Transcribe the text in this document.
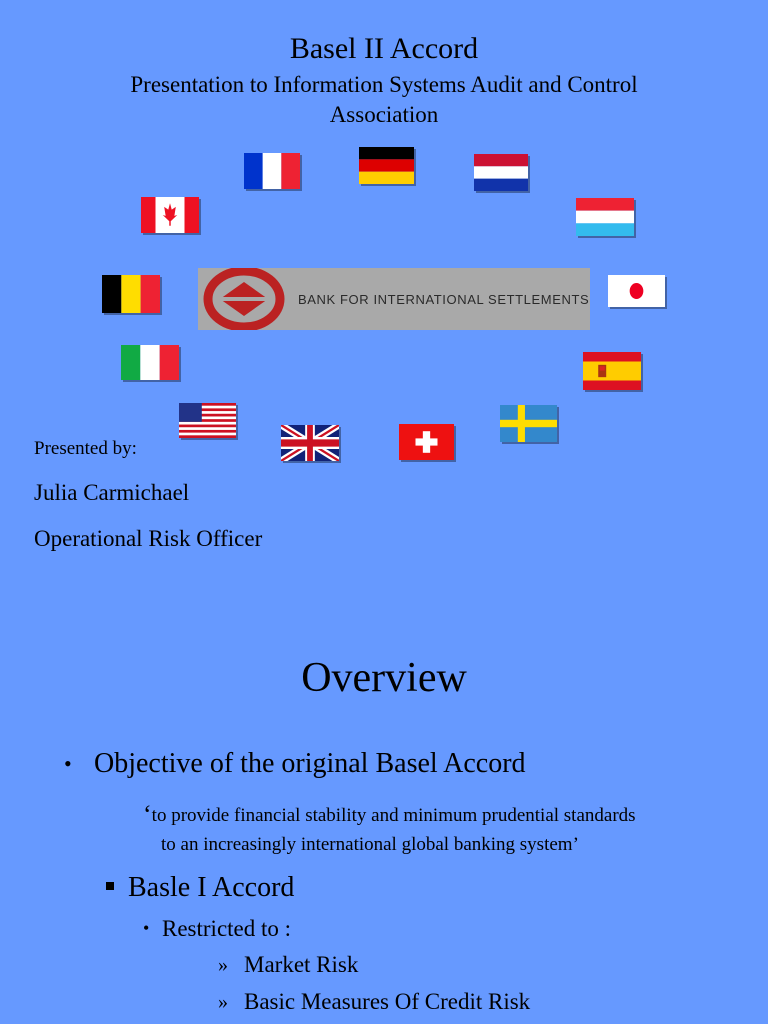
Basel II Accord
Presentation to Information Systems Audit and Control Association
BANK FOR INTERNATIONAL SETTLEMENTS
Presented by:
Julia Carmichael
Operational Risk Officer
Overview
• Objective of the original Basel Accord
‘to provide financial stability and minimum prudential standards
to an increasingly international global banking system’
Basle I Accord
• Restricted to :
» Market Risk
» Basic Measures Of Credit Risk
